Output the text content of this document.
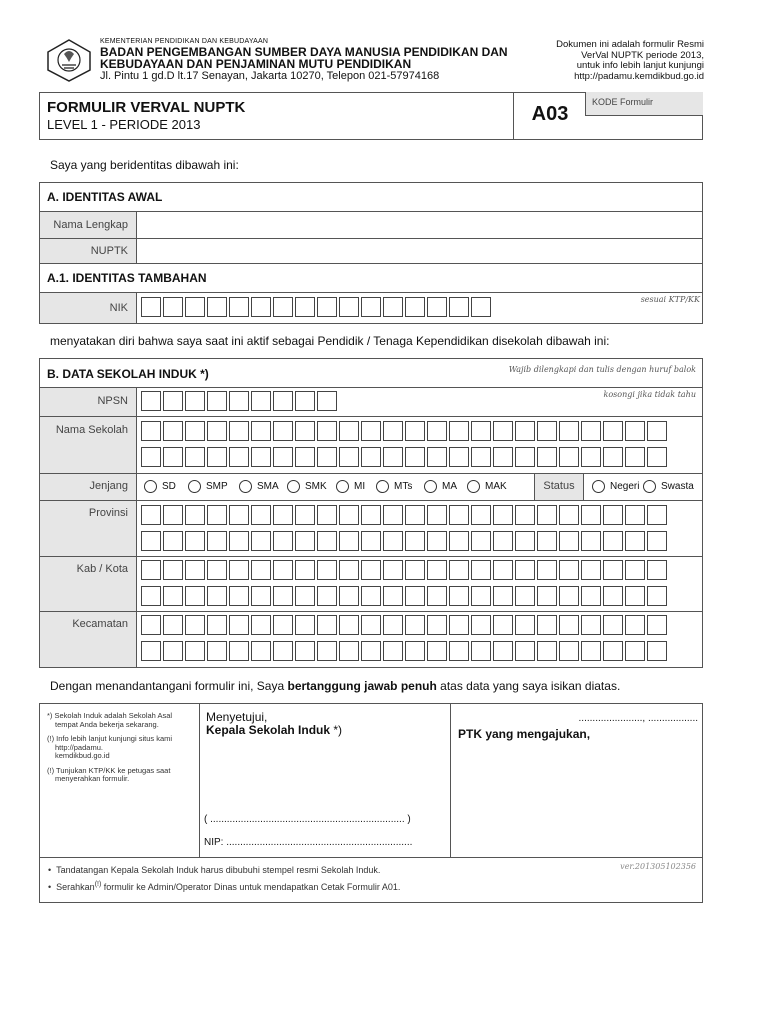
KEMENTERIAN PENDIDIKAN DAN KEBUDAYAAN
BADAN PENGEMBANGAN SUMBER DAYA MANUSIA PENDIDIKAN DAN
KEBUDAYAAN DAN PENJAMINAN MUTU PENDIDIKAN
Jl. Pintu 1 gd.D lt.17 Senayan, Jakarta 10270, Telepon 021-57974168
Dokumen ini adalah formulir Resmi
VerVal NUPTK periode 2013,
untuk info lebih lanjut kunjungi
http://padamu.kemdikbud.go.id
FORMULIR VERVAL NUPTK
LEVEL 1 - PERIODE 2013	A03
KODE Formulir
Saya yang beridentitas dibawah ini:
A. IDENTITAS AWAL
Nama Lengkap
NUPTK
A.1. IDENTITAS TAMBAHAN
NIK
sesuai KTP/KK
menyatakan diri bahwa saya saat ini aktif sebagai Pendidik / Tenaga Kependidikan disekolah dibawah ini:
B. DATA SEKOLAH INDUK *)	Wajib dilengkapi dan tulis dengan huruf balok
kosongi jika tidak tahu
NPSN
Nama Sekolah
Jenjang	SD	SMP	SMA	SMK	MI	MTs	MA	MAK	Status	Negeri Swasta
Provinsi
Kab / Kota
Kecamatan
Dengan menandantangani formulir ini, Saya bertanggung jawab penuh atas data yang saya isikan diatas.
*) Sekolah Induk adalah Sekolah Asal
tempat Anda bekerja sekarang.
(!) Info lebih lanjut kunjungi situs kami
http://padamu.
kemdikbud.go.id
(!) Tunjukan KTP/KK ke petugas saat
menyerahkan formulir.
Menyetujui,
Kepala Sekolah Induk *)
( ...................................................................... )
NIP: ...................................................................
......................., ..................
PTK yang mengajukan,
•  Tandatangan Kepala Sekolah Induk harus dibubuhi stempel resmi Sekolah Induk.
•  Serahkan(!) formulir ke Admin/Operator Dinas untuk mendapatkan Cetak Formulir A01.
ver.201305102356
